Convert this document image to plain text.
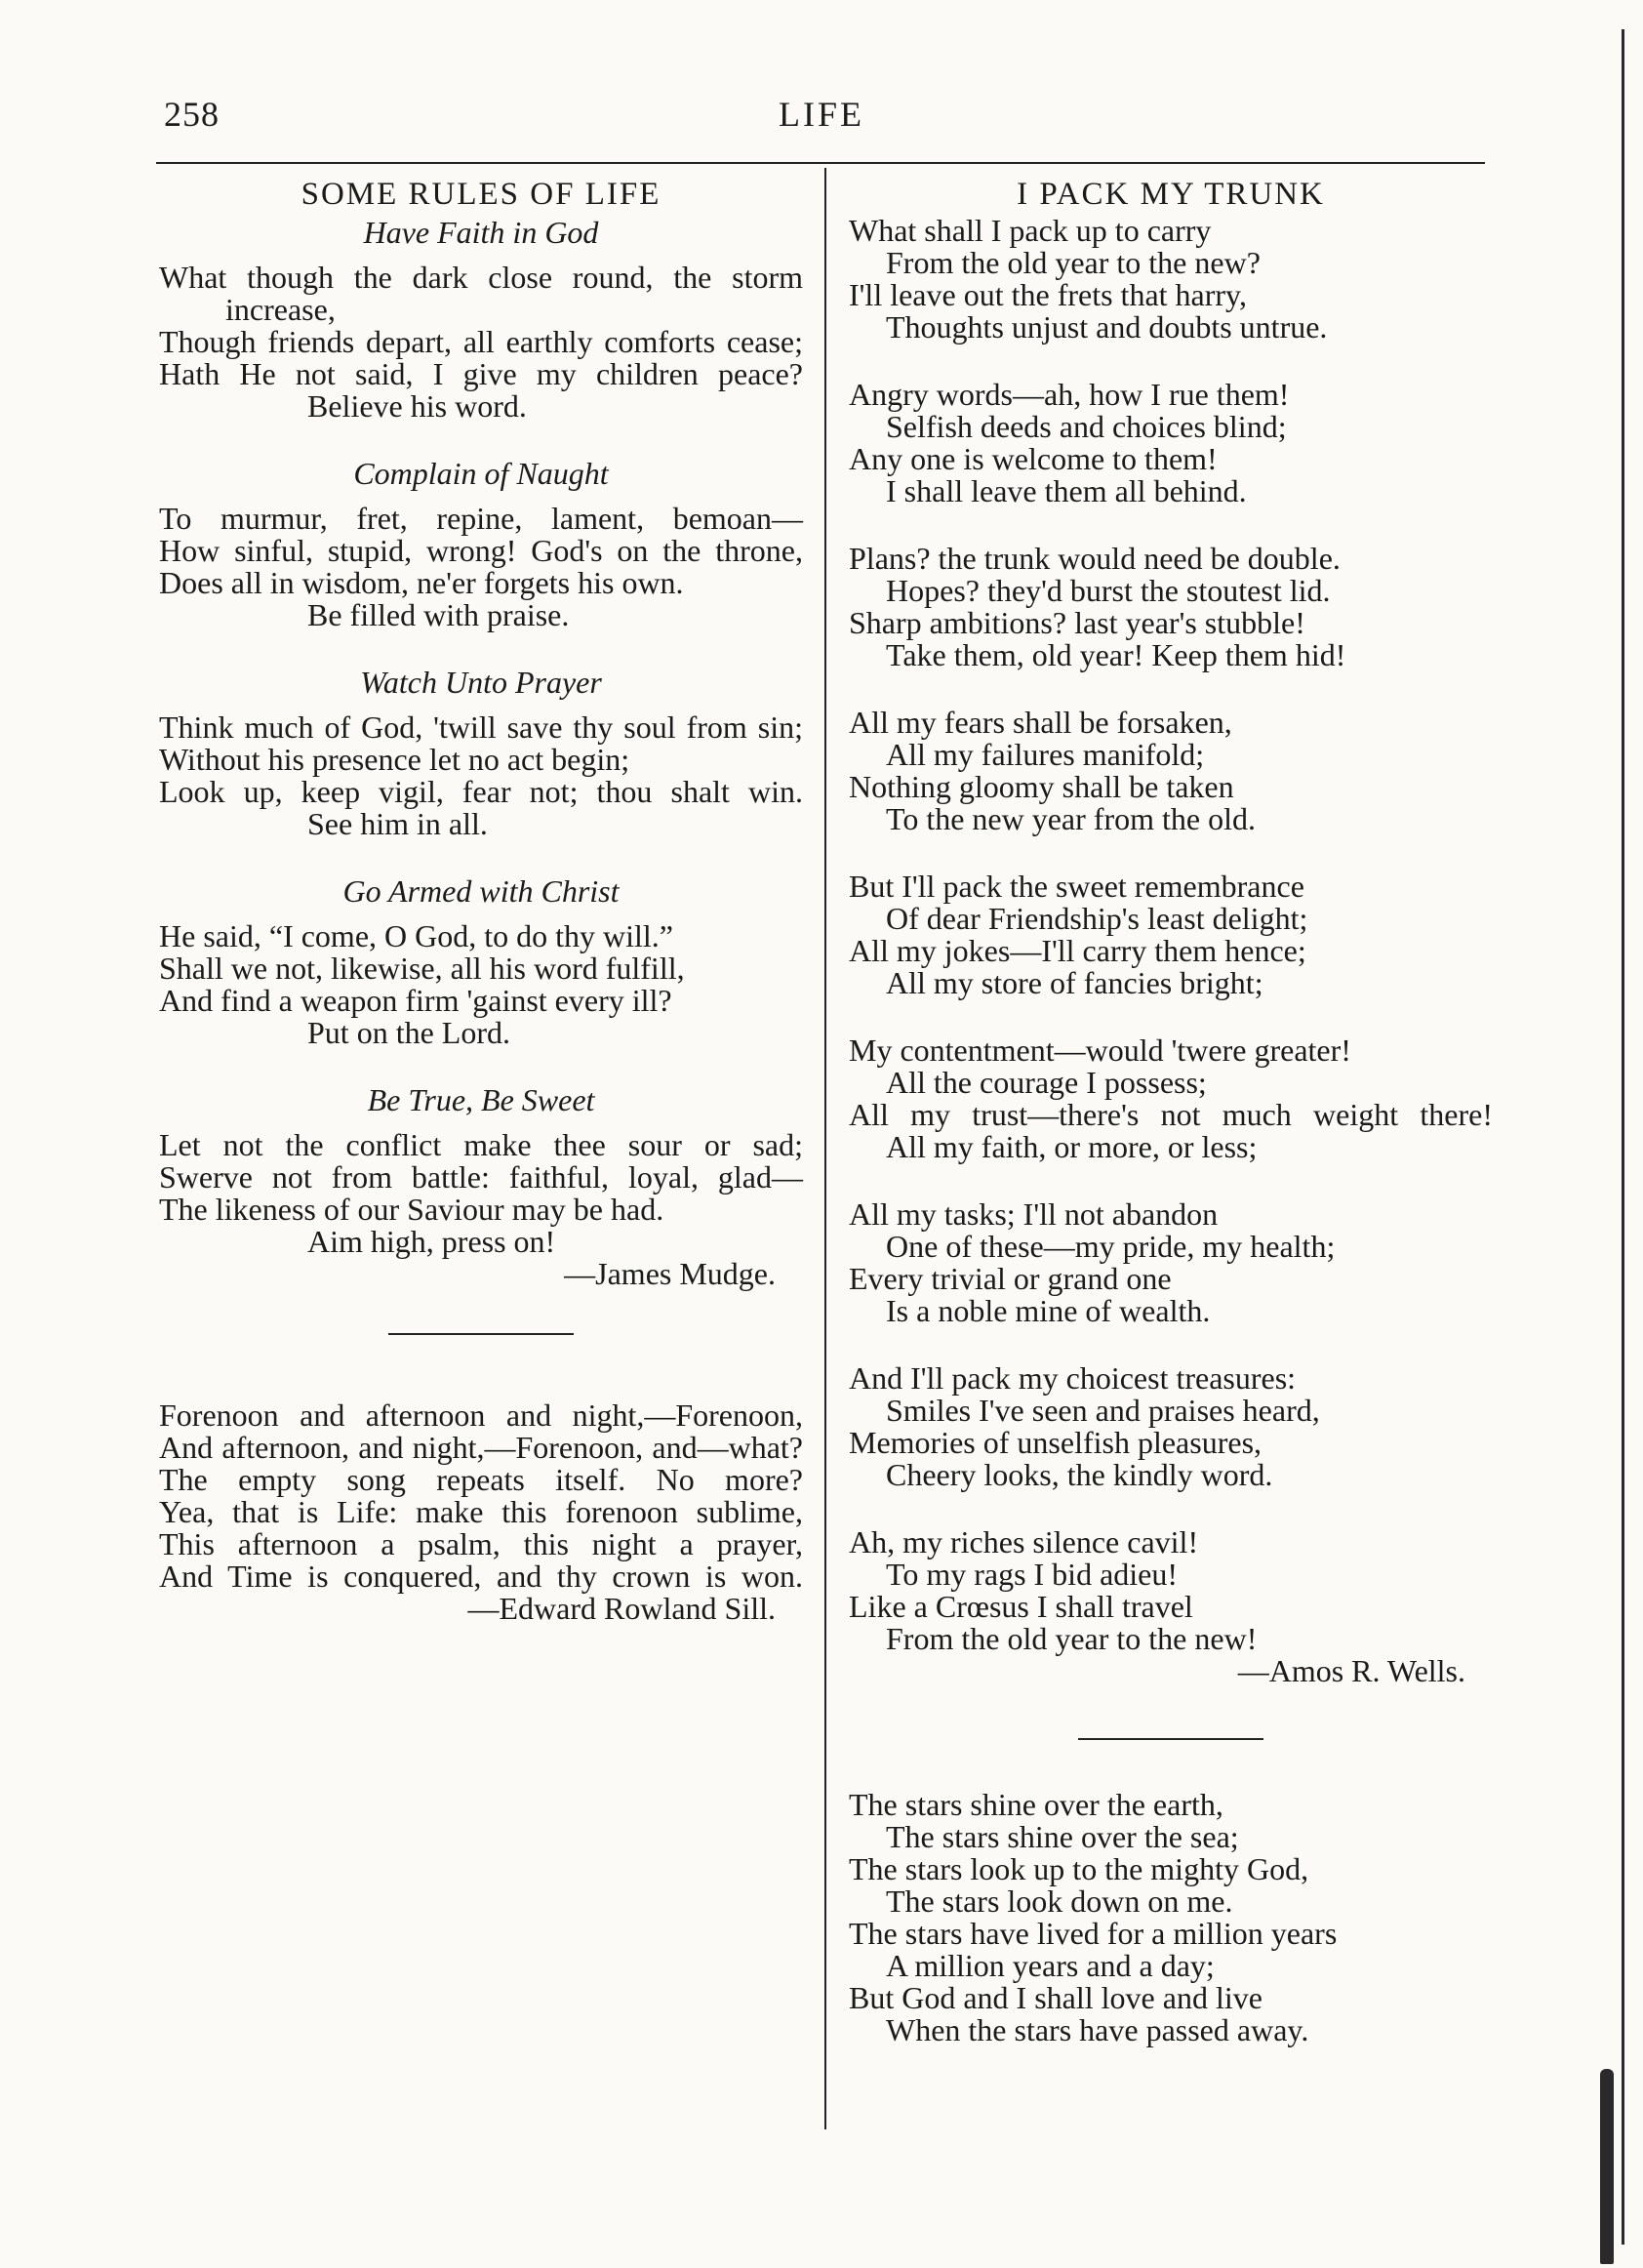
258	LIFE
SOME RULES OF LIFE
Have Faith in God
What though the dark close round, the storm increase,
Though friends depart, all earthly comforts cease;
Hath He not said, I give my children peace?
Believe his word.
Complain of Naught
To murmur, fret, repine, lament, bemoan—
How sinful, stupid, wrong! God's on the throne,
Does all in wisdom, ne'er forgets his own.
Be filled with praise.
Watch Unto Prayer
Think much of God, 'twill save thy soul from sin;
Without his presence let no act begin;
Look up, keep vigil, fear not; thou shalt win.
See him in all.
Go Armed with Christ
He said, “I come, O God, to do thy will.”
Shall we not, likewise, all his word fulfill,
And find a weapon firm 'gainst every ill?
Put on the Lord.
Be True, Be Sweet
Let not the conflict make thee sour or sad;
Swerve not from battle: faithful, loyal, glad—
The likeness of our Saviour may be had.
Aim high, press on!
—James Mudge.
Forenoon and afternoon and night,—Forenoon,
And afternoon, and night,—Forenoon, and—what?
The empty song repeats itself. No more?
Yea, that is Life: make this forenoon sublime,
This afternoon a psalm, this night a prayer,
And Time is conquered, and thy crown is won.
—Edward Rowland Sill.
I PACK MY TRUNK
What shall I pack up to carry
From the old year to the new?
I'll leave out the frets that harry,
Thoughts unjust and doubts untrue.
Angry words—ah, how I rue them!
Selfish deeds and choices blind;
Any one is welcome to them!
I shall leave them all behind.
Plans? the trunk would need be double.
Hopes? they'd burst the stoutest lid.
Sharp ambitions? last year's stubble!
Take them, old year! Keep them hid!
All my fears shall be forsaken,
All my failures manifold;
Nothing gloomy shall be taken
To the new year from the old.
But I'll pack the sweet remembrance
Of dear Friendship's least delight;
All my jokes—I'll carry them hence;
All my store of fancies bright;
My contentment—would 'twere greater!
All the courage I possess;
All my trust—there's not much weight there!
All my faith, or more, or less;
All my tasks; I'll not abandon
One of these—my pride, my health;
Every trivial or grand one
Is a noble mine of wealth.
And I'll pack my choicest treasures:
Smiles I've seen and praises heard,
Memories of unselfish pleasures,
Cheery looks, the kindly word.
Ah, my riches silence cavil!
To my rags I bid adieu!
Like a Crœsus I shall travel
From the old year to the new!
—Amos R. Wells.
The stars shine over the earth,
The stars shine over the sea;
The stars look up to the mighty God,
The stars look down on me.
The stars have lived for a million years
A million years and a day;
But God and I shall love and live
When the stars have passed away.
